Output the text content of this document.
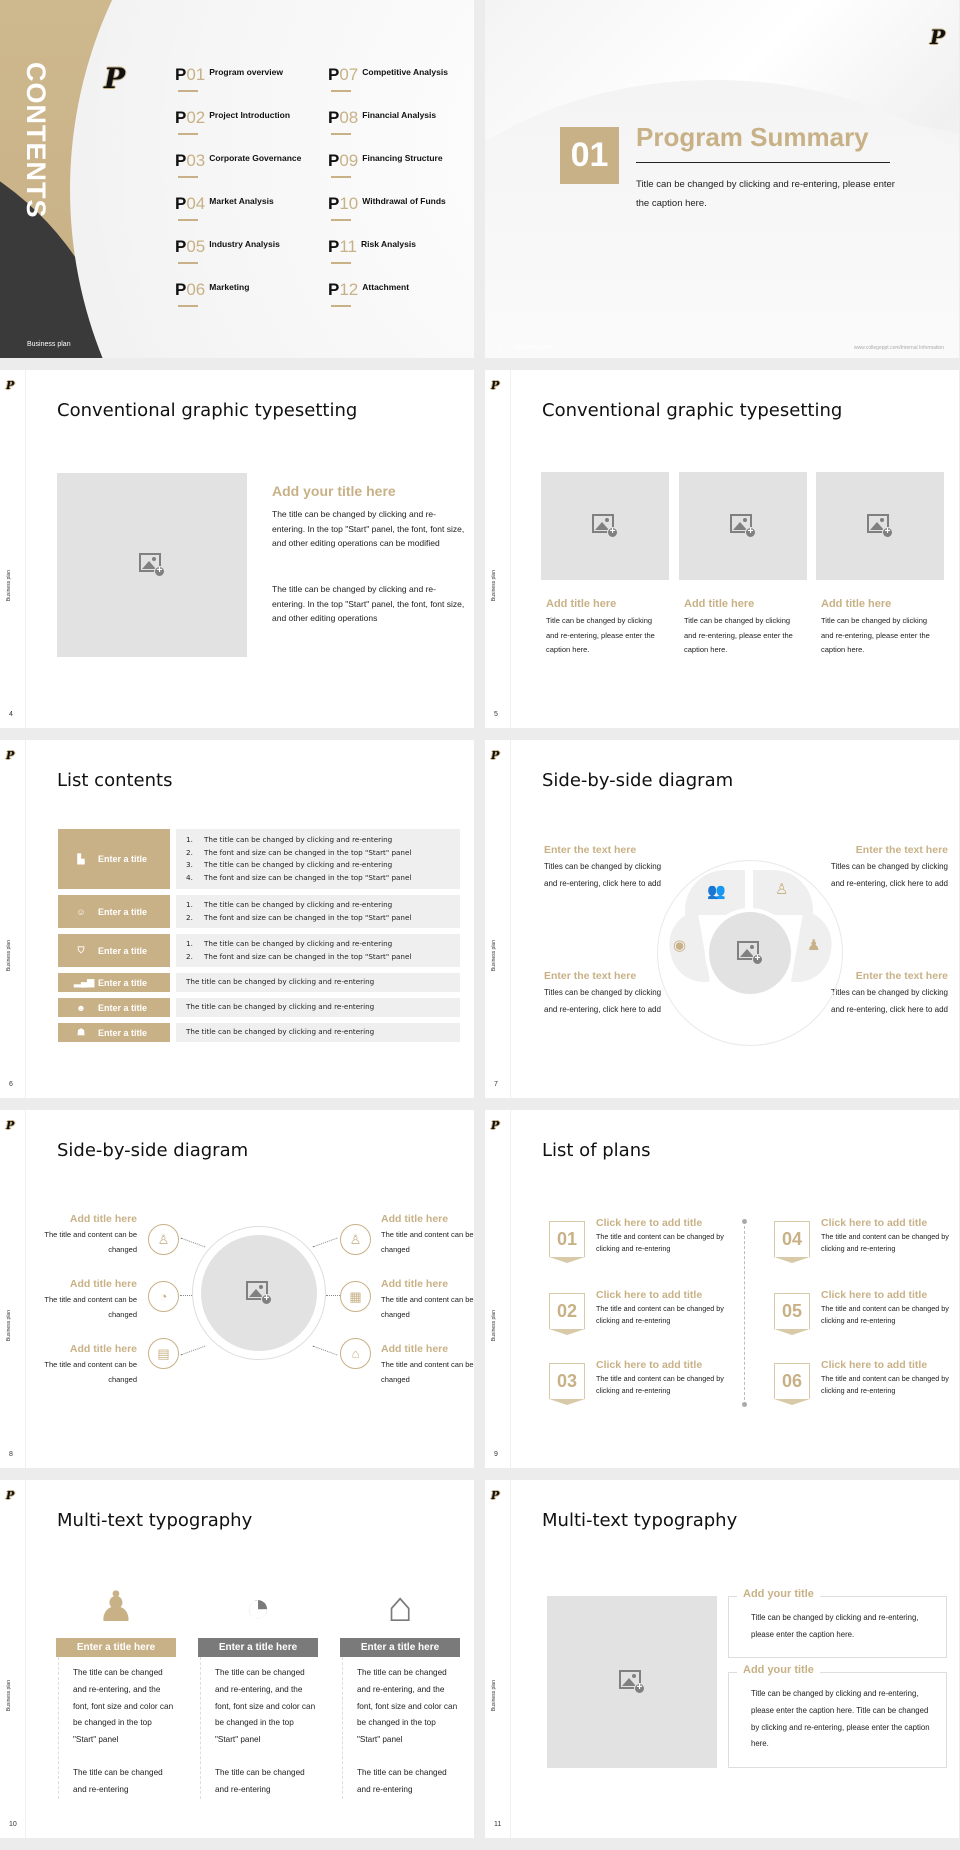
CONTENTS
Business plan
P	P01 Program overview
P02 Project Introduction
P03 Corporate Governance
P04 Market Analysis
P05 Industry Analysis
P06 Marketing
P07 Competitive Analysis
P08 Financial Analysis
P09 Financing Structure
P10 Withdrawal of Funds
P11 Risk Analysis
P12 Attachment
P
01	Program Summary
Title can be changed by clicking and re-entering, please enter the caption here.
3 Business plan	www.collegeppt.com/Internal Information
P
Business plan
4
Conventional graphic typesetting
+
Add your title here
The title can be changed by clicking and re-entering. In the top "Start" panel, the font, font size, and other editing operations can be modified
The title can be changed by clicking and re-entering. In the top "Start" panel, the font, font size, and other editing operations
P
Business plan
5
Conventional graphic typesetting
+
Add title here
Title can be changed by clicking and re-entering, please enter the caption here.
+
Add title here
Title can be changed by clicking and re-entering, please enter the caption here.
+
Add title here
Title can be changed by clicking and re-entering, please enter the caption here.
P
Business plan
6
List contents
▙	Enter a title
1. The title can be changed by clicking and re-entering
2. The font and size can be changed in the top "Start" panel
3. The title can be changed by clicking and re-entering
4. The font and size can be changed in the top "Start" panel
☺ Enter a title
1. The title can be changed by clicking and re-entering
2. The font and size can be changed in the top "Start" panel
⛉	Enter a title
1. The title can be changed by clicking and re-entering
2. The font and size can be changed in the top "Start" panel
▂▄▆ Enter a title	The title can be changed by clicking and re-entering
☻ Enter a title	The title can be changed by clicking and re-entering
☗	Enter a title	The title can be changed by clicking and re-entering
P
Business plan
7
Side-by-side diagram
Enter the text here
Titles can be changed by clicking and re-entering, click here to add
Enter the text here
Titles can be changed by clicking and re-entering, click here to add
Enter the text here
Titles can be changed by clicking and re-entering, click here to add
Enter the text here
Titles can be changed by clicking and re-entering, click here to add
+
👥	♙
◉	♟
P
Business plan
8
Side-by-side diagram
+
♙
◔
▤
♙
▦
⌂
Add title here
The title and content can be changed
Add title here
The title and content can be changed
Add title here
The title and content can be changed
Add title here
The title and content can be changed
Add title here
The title and content can be changed
Add title here
The title and content can be changed
P
Business plan
9
List of plans
01
Click here to add title
The title and content can be changed by clicking and re-entering
02
Click here to add title
The title and content can be changed by clicking and re-entering
03
Click here to add title
The title and content can be changed by clicking and re-entering
04
Click here to add title
The title and content can be changed by clicking and re-entering
05
Click here to add title
The title and content can be changed by clicking and re-entering
06
Click here to add title
The title and content can be changed by clicking and re-entering
P
Business plan
10
Multi-text typography
♟
Enter a title here
The title can be changed and re-entering, and the font, font size and color can be changed in the top "Start" panel
The title can be changed and re-entering
◔
Enter a title here
The title can be changed and re-entering, and the font, font size and color can be changed in the top "Start" panel
The title can be changed and re-entering
⌂
Enter a title here
The title can be changed and re-entering, and the font, font size and color can be changed in the top "Start" panel
The title can be changed and re-entering
P
Business plan
11
Multi-text typography
+
Add your title
Title can be changed by clicking and re-entering, please enter the caption here.
Add your title
Title can be changed by clicking and re-entering, please enter the caption here. Title can be changed by clicking and re-entering, please enter the caption here.
